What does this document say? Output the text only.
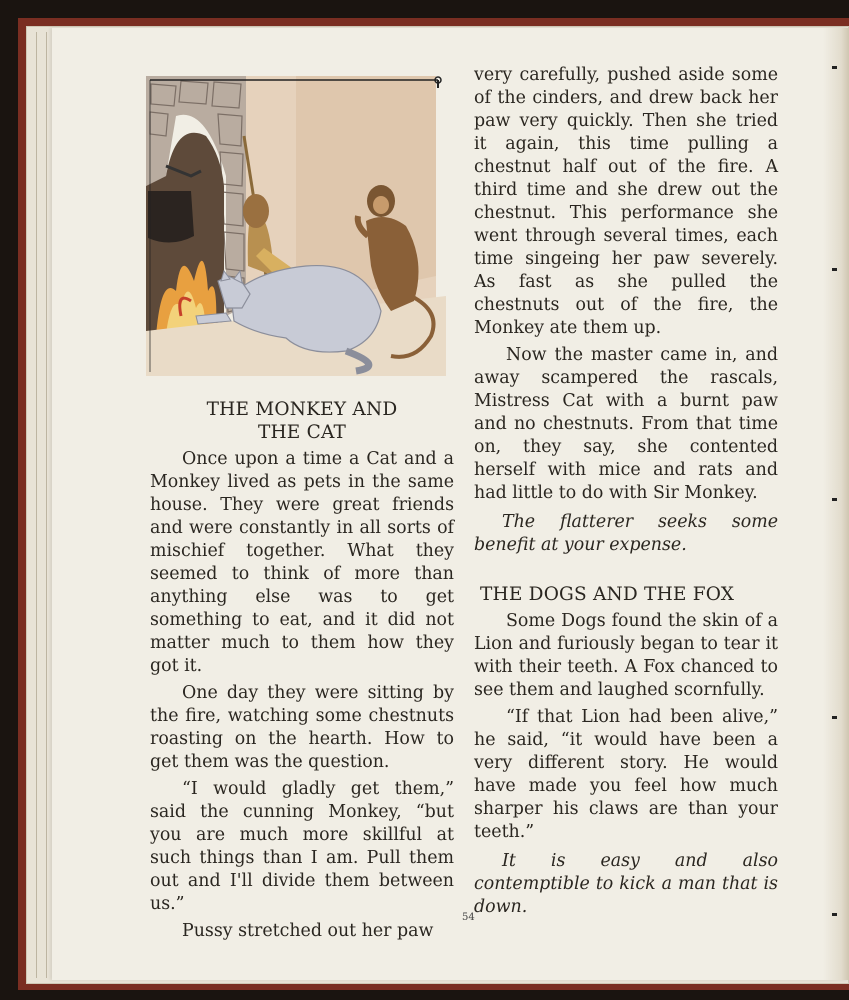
THE MONKEY AND
THE CAT

Once upon a time a Cat and a Monkey lived as pets in the same house. They were great friends and were constantly in all sorts of mischief together. What they seemed to think of more than anything else was to get something to eat, and it did not matter much to them how they got it.

One day they were sitting by the fire, watching some chestnuts roasting on the hearth. How to get them was the question.

“I would gladly get them,” said the cunning Monkey, “but you are much more skillful at such things than I am. Pull them out and I'll divide them between us.”

Pussy stretched out her paw

very carefully, pushed aside some of the cinders, and drew back her paw very quickly. Then she tried it again, this time pulling a chestnut half out of the fire. A third time and she drew out the chestnut. This performance she went through several times, each time singeing her paw severely. As fast as she pulled the chestnuts out of the fire, the Monkey ate them up.

Now the master came in, and away scampered the rascals, Mistress Cat with a burnt paw and no chestnuts. From that time on, they say, she contented herself with mice and rats and had little to do with Sir Monkey.

The flatterer seeks some benefit at your expense.

THE DOGS AND THE FOX

Some Dogs found the skin of a Lion and furiously began to tear it with their teeth. A Fox chanced to see them and laughed scornfully.

“If that Lion had been alive,” he said, “it would have been a very different story. He would have made you feel how much sharper his claws are than your teeth.”

It is easy and also contemptible to kick a man that is down.

54
